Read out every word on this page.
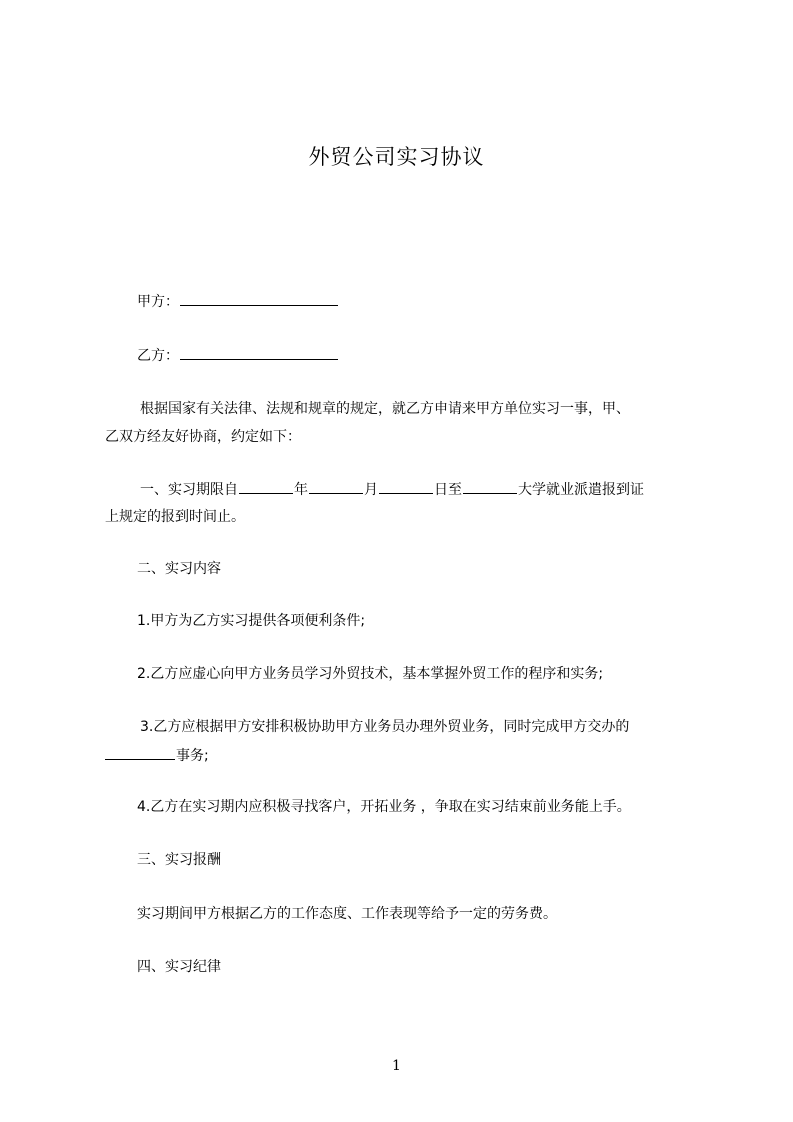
外贸公司实习协议
甲方：
乙方：
根据国家有关法律、法规和规章的规定，就乙方申请来甲方单位实习一事，甲、
乙双方经友好协商，约定如下：
一、实习期限自	年	月	日至	大学就业派遣报到证
上规定的报到时间止。
二、实习内容
1.甲方为乙方实习提供各项便利条件;
2.乙方应虚心向甲方业务员学习外贸技术，基本掌握外贸工作的程序和实务;
3.乙方应根据甲方安排积极协助甲方业务员办理外贸业务，同时完成甲方交办的
事务;
4.乙方在实习期内应积极寻找客户，开拓业务 ，争取在实习结束前业务能上手。
三、实习报酬
实习期间甲方根据乙方的工作态度、工作表现等给予一定的劳务费。
四、实习纪律
1
